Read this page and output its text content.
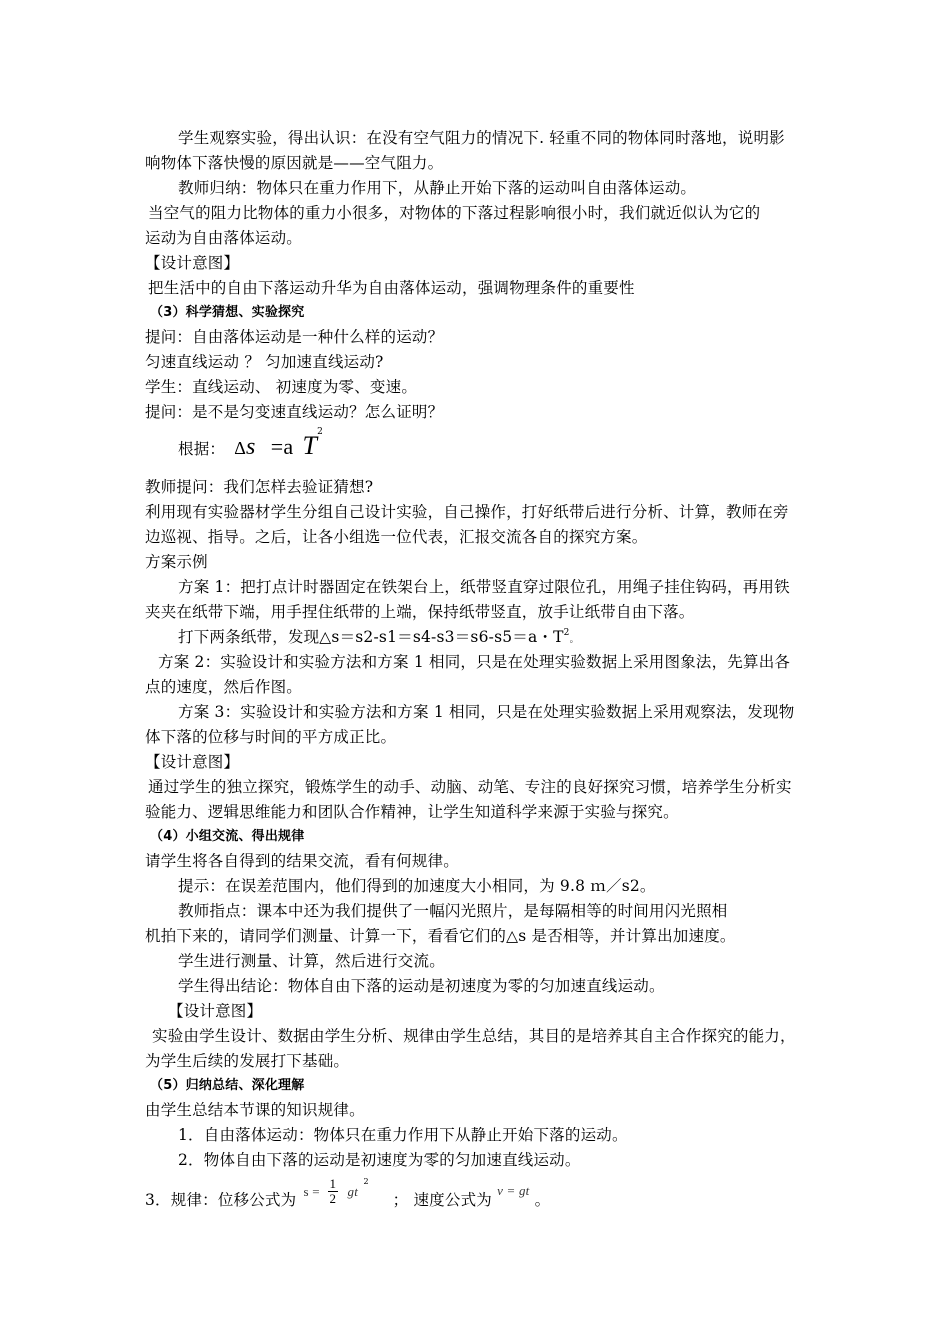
学生观察实验，得出认识：在没有空气阻力的情况下. 轻重不同的物体同时落地，说明影
响物体下落快慢的原因就是——空气阻力。
教师归纳：物体只在重力作用下，从静止开始下落的运动叫自由落体运动。
当空气的阻力比物体的重力小很多，对物体的下落过程影响很小时，我们就近似认为它的
运动为自由落体运动。
【设计意图】
把生活中的自由下落运动升华为自由落体运动，强调物理条件的重要性
（3）科学猜想、实验探究
提问：自由落体运动是一种什么样的运动？
匀速直线运动 ？ 匀加速直线运动?
学生：直线运动、 初速度为零、变速。
提问：是不是匀变速直线运动？怎么证明？
根据： Δs =a $T^2$
教师提问：我们怎样去验证猜想?
利用现有实验器材学生分组自己设计实验，自己操作，打好纸带后进行分析、计算，教师在旁
边巡视、指导。之后，让各小组选一位代表，汇报交流各自的探究方案。
方案示例
方案 1：把打点计时器固定在铁架台上，纸带竖直穿过限位孔，用绳子挂住钩码，再用铁
夹夹在纸带下端，用手捏住纸带的上端，保持纸带竖直，放手让纸带自由下落。
打下两条纸带，发现△s＝s2-s1＝s4-s3＝s6-s5＝a・$T^2$。
方案 2：实验设计和实验方法和方案 1 相同，只是在处理实验数据上采用图象法，先算出各
点的速度，然后作图。
方案 3：实验设计和实验方法和方案 1 相同，只是在处理实验数据上采用观察法，发现物
体下落的位移与时间的平方成正比。
【设计意图】
通过学生的独立探究，锻炼学生的动手、动脑、动笔、专注的良好探究习惯，培养学生分析实
验能力、逻辑思维能力和团队合作精神，让学生知道科学来源于实验与探究。
（4）小组交流、得出规律
请学生将各自得到的结果交流，看有何规律。
提示：在误差范围内，他们得到的加速度大小相同，为 9.8 ｍ／s2。
教师指点：课本中还为我们提供了一幅闪光照片，是每隔相等的时间用闪光照相
机拍下来的，请同学们测量、计算一下，看看它们的△s 是否相等，并计算出加速度。
学生进行测量、计算，然后进行交流。
学生得出结论：物体自由下落的运动是初速度为零的匀加速直线运动。
【设计意图】
实验由学生设计、数据由学生分析、规律由学生总结，其目的是培养其自主合作探究的能力，
为学生后续的发展打下基础。
（5）归纳总结、深化理解
由学生总结本节课的知识规律。
1．自由落体运动：物体只在重力作用下从静止开始下落的运动。
2．物体自由下落的运动是初速度为零的匀加速直线运动。
3．规律：位移公式为 $s = \frac{1}{2}$ gt
2
； 速度公式为 $^{v = gt}$ 。
